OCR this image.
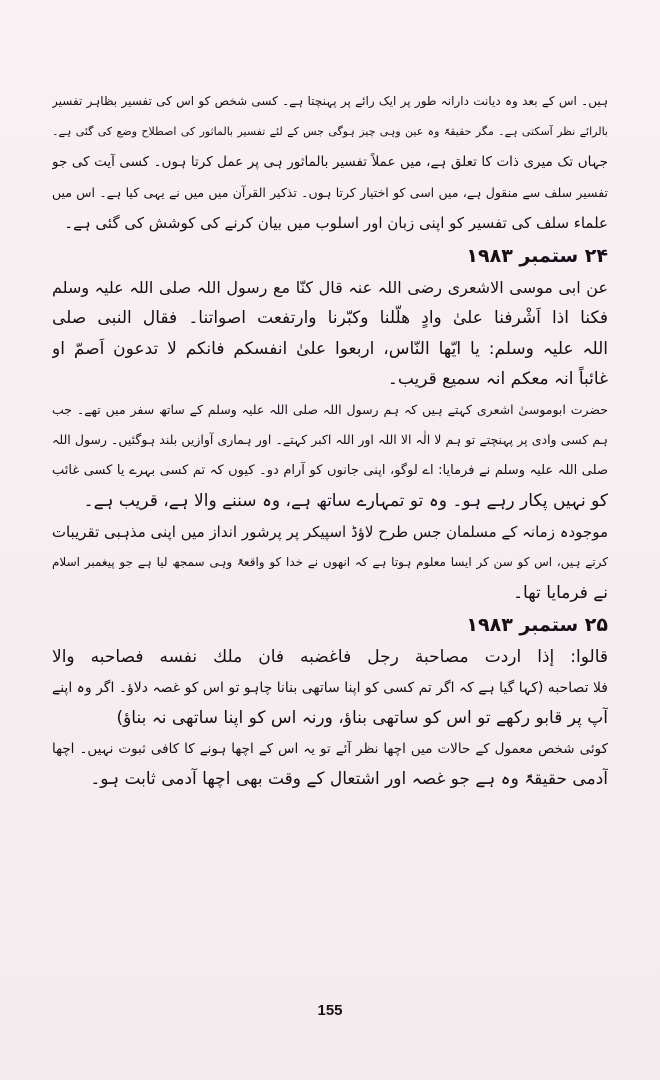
ہیں۔ اس کے بعد وہ دیانت دارانہ طور پر ایک رائے پر پہنچتا ہے۔ کسی شخص کو اس کی تفسیر بظاہر تفسیر
بالرائے نظر آسکتی ہے۔ مگر حقیقۃً وہ عین وہی چیز ہوگی جس کے لئے تفسیر بالماثور کی اصطلاح وضع کی گئی ہے۔
جہاں تک میری ذات کا تعلق ہے، میں عملاً تفسیر بالماثور ہی پر عمل کرتا ہوں۔ کسی آیت کی جو
تفسیر سلف سے منقول ہے، میں اسی کو اختیار کرتا ہوں۔ تذکیر القرآن میں میں نے یہی کیا ہے۔ اس میں
علماء سلف کی تفسیر کو اپنی زبان اور اسلوب میں بیان کرنے کی کوشش کی گئی ہے۔
۲۴ ستمبر ۱۹۸۳
عن ابی موسی الاشعری رضی اللہ عنہ قال کنّا مع رسول اللہ صلی اللہ علیہ وسلم
فکنا اذا اَشْرفنا علیٰ وادٍ ھلّلنا وکبّرنا وارتفعت اصواتنا۔ فقال النبی صلی
اللہ علیہ وسلم: یا ایّھا النّاس، اربعوا علیٰ انفسکم فانکم لا تدعون اَصمّ او
غائباً انہ معکم انہ سمیع قریب۔
حضرت ابوموسیٰ اشعری کہتے ہیں کہ ہم رسول اللہ صلی اللہ علیہ وسلم کے ساتھ سفر میں تھے۔ جب
ہم کسی وادی پر پہنچتے تو ہم لا الٰہ الا اللہ اور اللہ اکبر کہتے۔ اور ہماری آوازیں بلند ہوگئیں۔ رسول اللہ
صلی اللہ علیہ وسلم نے فرمایا: اے لوگو، اپنی جانوں کو آرام دو۔ کیوں کہ تم کسی بہرے یا کسی غائب
کو نہیں پکار رہے ہو۔ وہ تو تمہارے ساتھ ہے، وہ سننے والا ہے، قریب ہے۔
موجودہ زمانہ کے مسلمان جس طرح لاؤڈ اسپیکر پر پرشور انداز میں اپنی مذہبی تقریبات
کرتے ہیں، اس کو سن کر ایسا معلوم ہوتا ہے کہ انھوں نے خدا کو واقعۃً وہی سمجھ لیا ہے جو پیغمبر اسلام
نے فرمایا تھا۔
۲۵ ستمبر ۱۹۸۳
قالوا: إذا اردت مصاحبة رجل فاغضبه فان ملك نفسه فصاحبه والا
فلا تصاحبه (کہا گیا ہے کہ اگر تم کسی کو اپنا ساتھی بنانا چاہو تو اس کو غصہ دلاؤ۔ اگر وہ اپنے
آپ پر قابو رکھے تو اس کو ساتھی بناؤ، ورنہ اس کو اپنا ساتھی نہ بناؤ)
کوئی شخص معمول کے حالات میں اچھا نظر آئے تو یہ اس کے اچھا ہونے کا کافی ثبوت نہیں۔ اچھا
آدمی حقیقۃً وہ ہے جو غصہ اور اشتعال کے وقت بھی اچھا آدمی ثابت ہو۔
155
